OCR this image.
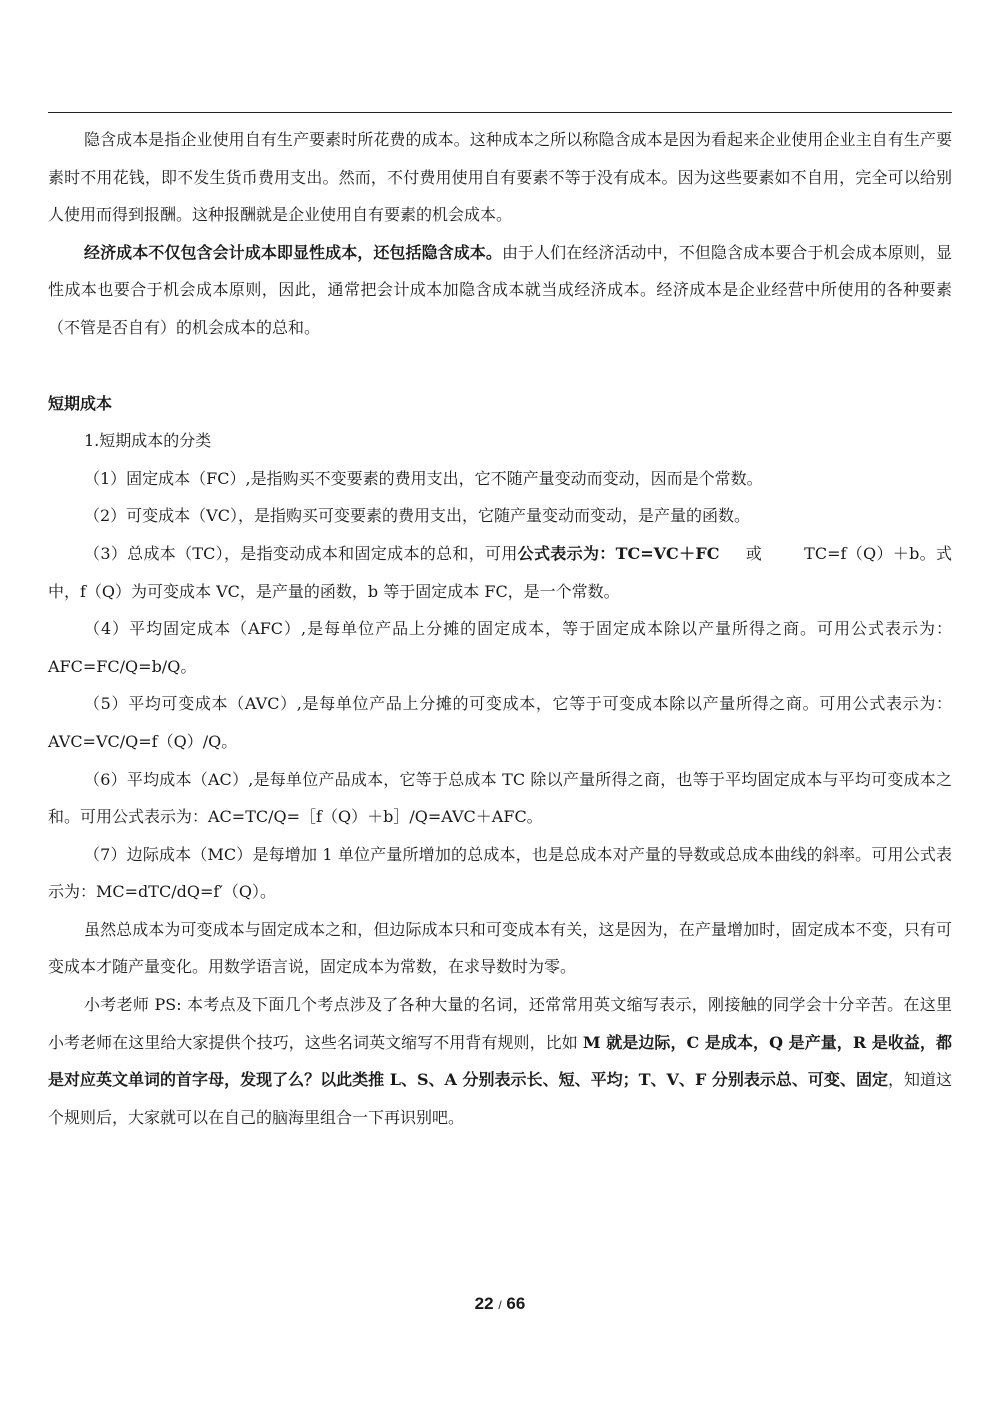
隐含成本是指企业使用自有生产要素时所花费的成本。这种成本之所以称隐含成本是因为看起来企业使用企业主自有生产要素时不用花钱，即不发生货币费用支出。然而，不付费用使用自有要素不等于没有成本。因为这些要素如不自用，完全可以给别人使用而得到报酬。这种报酬就是企业使用自有要素的机会成本。

经济成本不仅包含会计成本即显性成本，还包括隐含成本。由于人们在经济活动中，不但隐含成本要合于机会成本原则，显性成本也要合于机会成本原则，因此，通常把会计成本加隐含成本就当成经济成本。经济成本是企业经营中所使用的各种要素（不管是否自有）的机会成本的总和。

短期成本

1.短期成本的分类

（1）固定成本（FC）,是指购买不变要素的费用支出，它不随产量变动而变动，因而是个常数。

（2）可变成本（VC），是指购买可变要素的费用支出，它随产量变动而变动，是产量的函数。

（3）总成本（TC），是指变动成本和固定成本的总和，可用公式表示为：TC=VC＋FC 或	TC=f（Q）＋b。式中，f（Q）为可变成本 VC，是产量的函数，b 等于固定成本 FC，是一个常数。

（4）平均固定成本（AFC）,是每单位产品上分摊的固定成本，等于固定成本除以产量所得之商。可用公式表示为：AFC=FC/Q=b/Q。

（5）平均可变成本（AVC）,是每单位产品上分摊的可变成本，它等于可变成本除以产量所得之商。可用公式表示为：AVC=VC/Q=f（Q）/Q。

（6）平均成本（AC）,是每单位产品成本，它等于总成本 TC 除以产量所得之商，也等于平均固定成本与平均可变成本之和。可用公式表示为：AC=TC/Q=［f（Q）＋b］/Q=AVC＋AFC。

（7）边际成本（MC）是每增加 1 单位产量所增加的总成本，也是总成本对产量的导数或总成本曲线的斜率。可用公式表示为：MC=dTC/dQ=f′（Q）。

虽然总成本为可变成本与固定成本之和，但边际成本只和可变成本有关，这是因为，在产量增加时，固定成本不变，只有可变成本才随产量变化。用数学语言说，固定成本为常数，在求导数时为零。

小考老师 PS: 本考点及下面几个考点涉及了各种大量的名词，还常常用英文缩写表示，刚接触的同学会十分辛苦。在这里小考老师在这里给大家提供个技巧，这些名词英文缩写不用背有规则，比如 M 就是边际，C 是成本，Q 是产量，R 是收益，都是对应英文单词的首字母，发现了么？以此类推 L、S、A 分别表示长、短、平均；T、V、F 分别表示总、可变、固定，知道这个规则后，大家就可以在自己的脑海里组合一下再识别吧。

22 / 66
